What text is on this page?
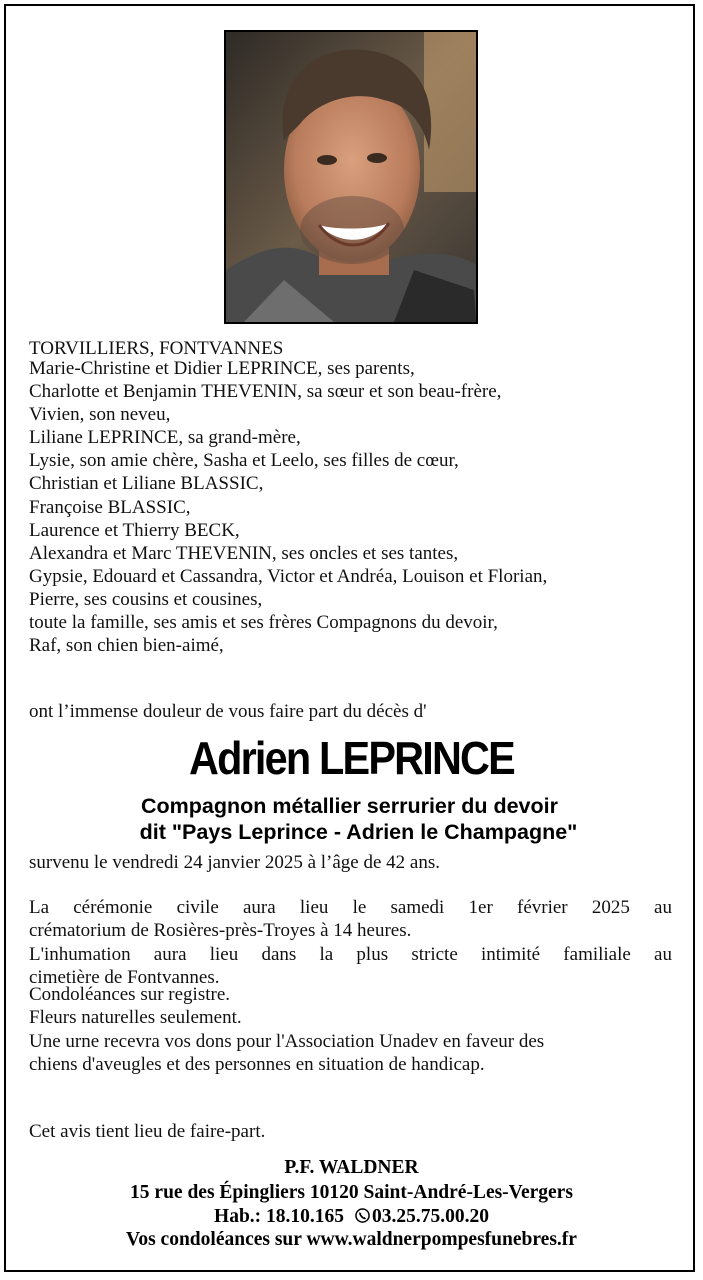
TORVILLIERS, FONTVANNES
Marie-Christine et Didier LEPRINCE, ses parents,
Charlotte et Benjamin THEVENIN, sa sœur et son beau-frère,
Vivien, son neveu,
Liliane LEPRINCE, sa grand-mère,
Lysie, son amie chère, Sasha et Leelo, ses filles de cœur,
Christian et Liliane BLASSIC,
Françoise BLASSIC,
Laurence et Thierry BECK,
Alexandra et Marc THEVENIN, ses oncles et ses tantes,
Gypsie, Edouard et Cassandra, Victor et Andréa, Louison et Florian,
Pierre, ses cousins et cousines,
toute la famille, ses amis et ses frères Compagnons du devoir,
Raf, son chien bien-aimé,
ont l’immense douleur de vous faire part du décès d'
Adrien LEPRINCE
Compagnon métallier serrurier du devoir
dit "Pays Leprince - Adrien le Champagne"
survenu le vendredi 24 janvier 2025 à l’âge de 42 ans.
La cérémonie civile aura lieu le samedi 1er février 2025 au
crématorium de Rosières-près-Troyes à 14 heures.
L'inhumation aura lieu dans la plus stricte intimité familiale au
cimetière de Fontvannes.
Condoléances sur registre.
Fleurs naturelles seulement.
Une urne recevra vos dons pour l'Association Unadev en faveur des
chiens d'aveugles et des personnes en situation de handicap.
Cet avis tient lieu de faire-part.
P.F. WALDNER
15 rue des Épingliers 10120 Saint-André-Les-Vergers
Hab.: 18.10.165 03.25.75.00.20
Vos condoléances sur www.waldnerpompesfunebres.fr
